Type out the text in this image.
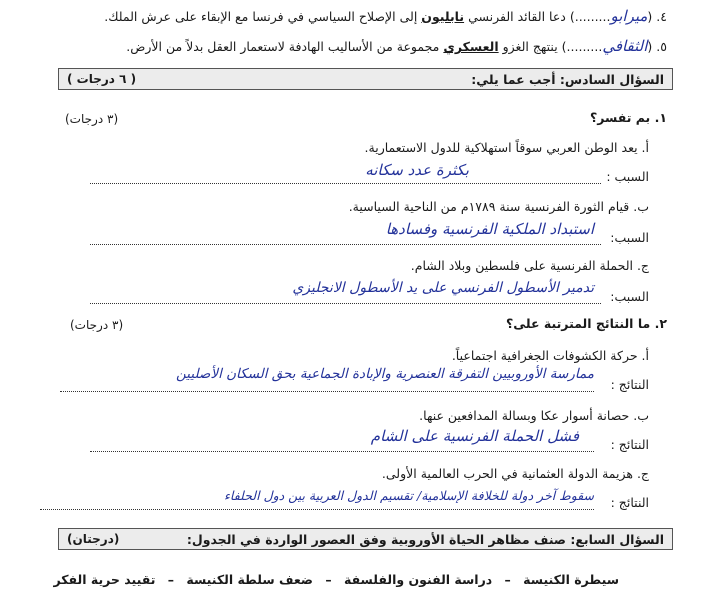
٤. (ميرابو.........) دعا القائد الفرنسي نابليون إلى الإصلاح السياسي في فرنسا مع الإبقاء على عرش الملك.
٥. (الثقافي.........) ينتهج الغزو العسكري مجموعة من الأساليب الهادفة لاستعمار العقل بدلاً من الأرض.
السؤال السادس: أجب عما يلي:
( ٦ درجات )
١. بم تفسر؟
(٣ درجات)
أ. يعد الوطن العربي سوقاً استهلاكية للدول الاستعمارية.
السبب :
بكثرة عدد سكانه
ب. قيام الثورة الفرنسية سنة ١٧٨٩م من الناحية السياسية.
السبب:
استبداد الملكية الفرنسية وفسادها
ج. الحملة الفرنسية على فلسطين وبلاد الشام.
السبب:
تدمير الأسطول الفرنسي على يد الأسطول الانجليزي
٢. ما النتائج المترتبة على؟
(٣ درجات)
أ. حركة الكشوفات الجغرافية اجتماعياً.
النتائج :
ممارسة الأوروبيين التفرقة العنصرية والإبادة الجماعية بحق السكان الأصليين
ب. حصانة أسوار عكا وبسالة المدافعين عنها.
النتائج :
فشل الحملة الفرنسية على الشام
ج. هزيمة الدولة العثمانية في الحرب العالمية الأولى.
النتائج :
سقوط آخر دولة للخلافة الإسلامية/ تقسيم الدول العربية بين دول الحلفاء
السؤال السابع: صنف مظاهر الحياة الأوروبية وفق العصور الواردة في الجدول:
(درجتان)
سيطرة الكنيسة – دراسة الفنون والفلسفة – ضعف سلطة الكنيسة – تقييد حرية الفكر
